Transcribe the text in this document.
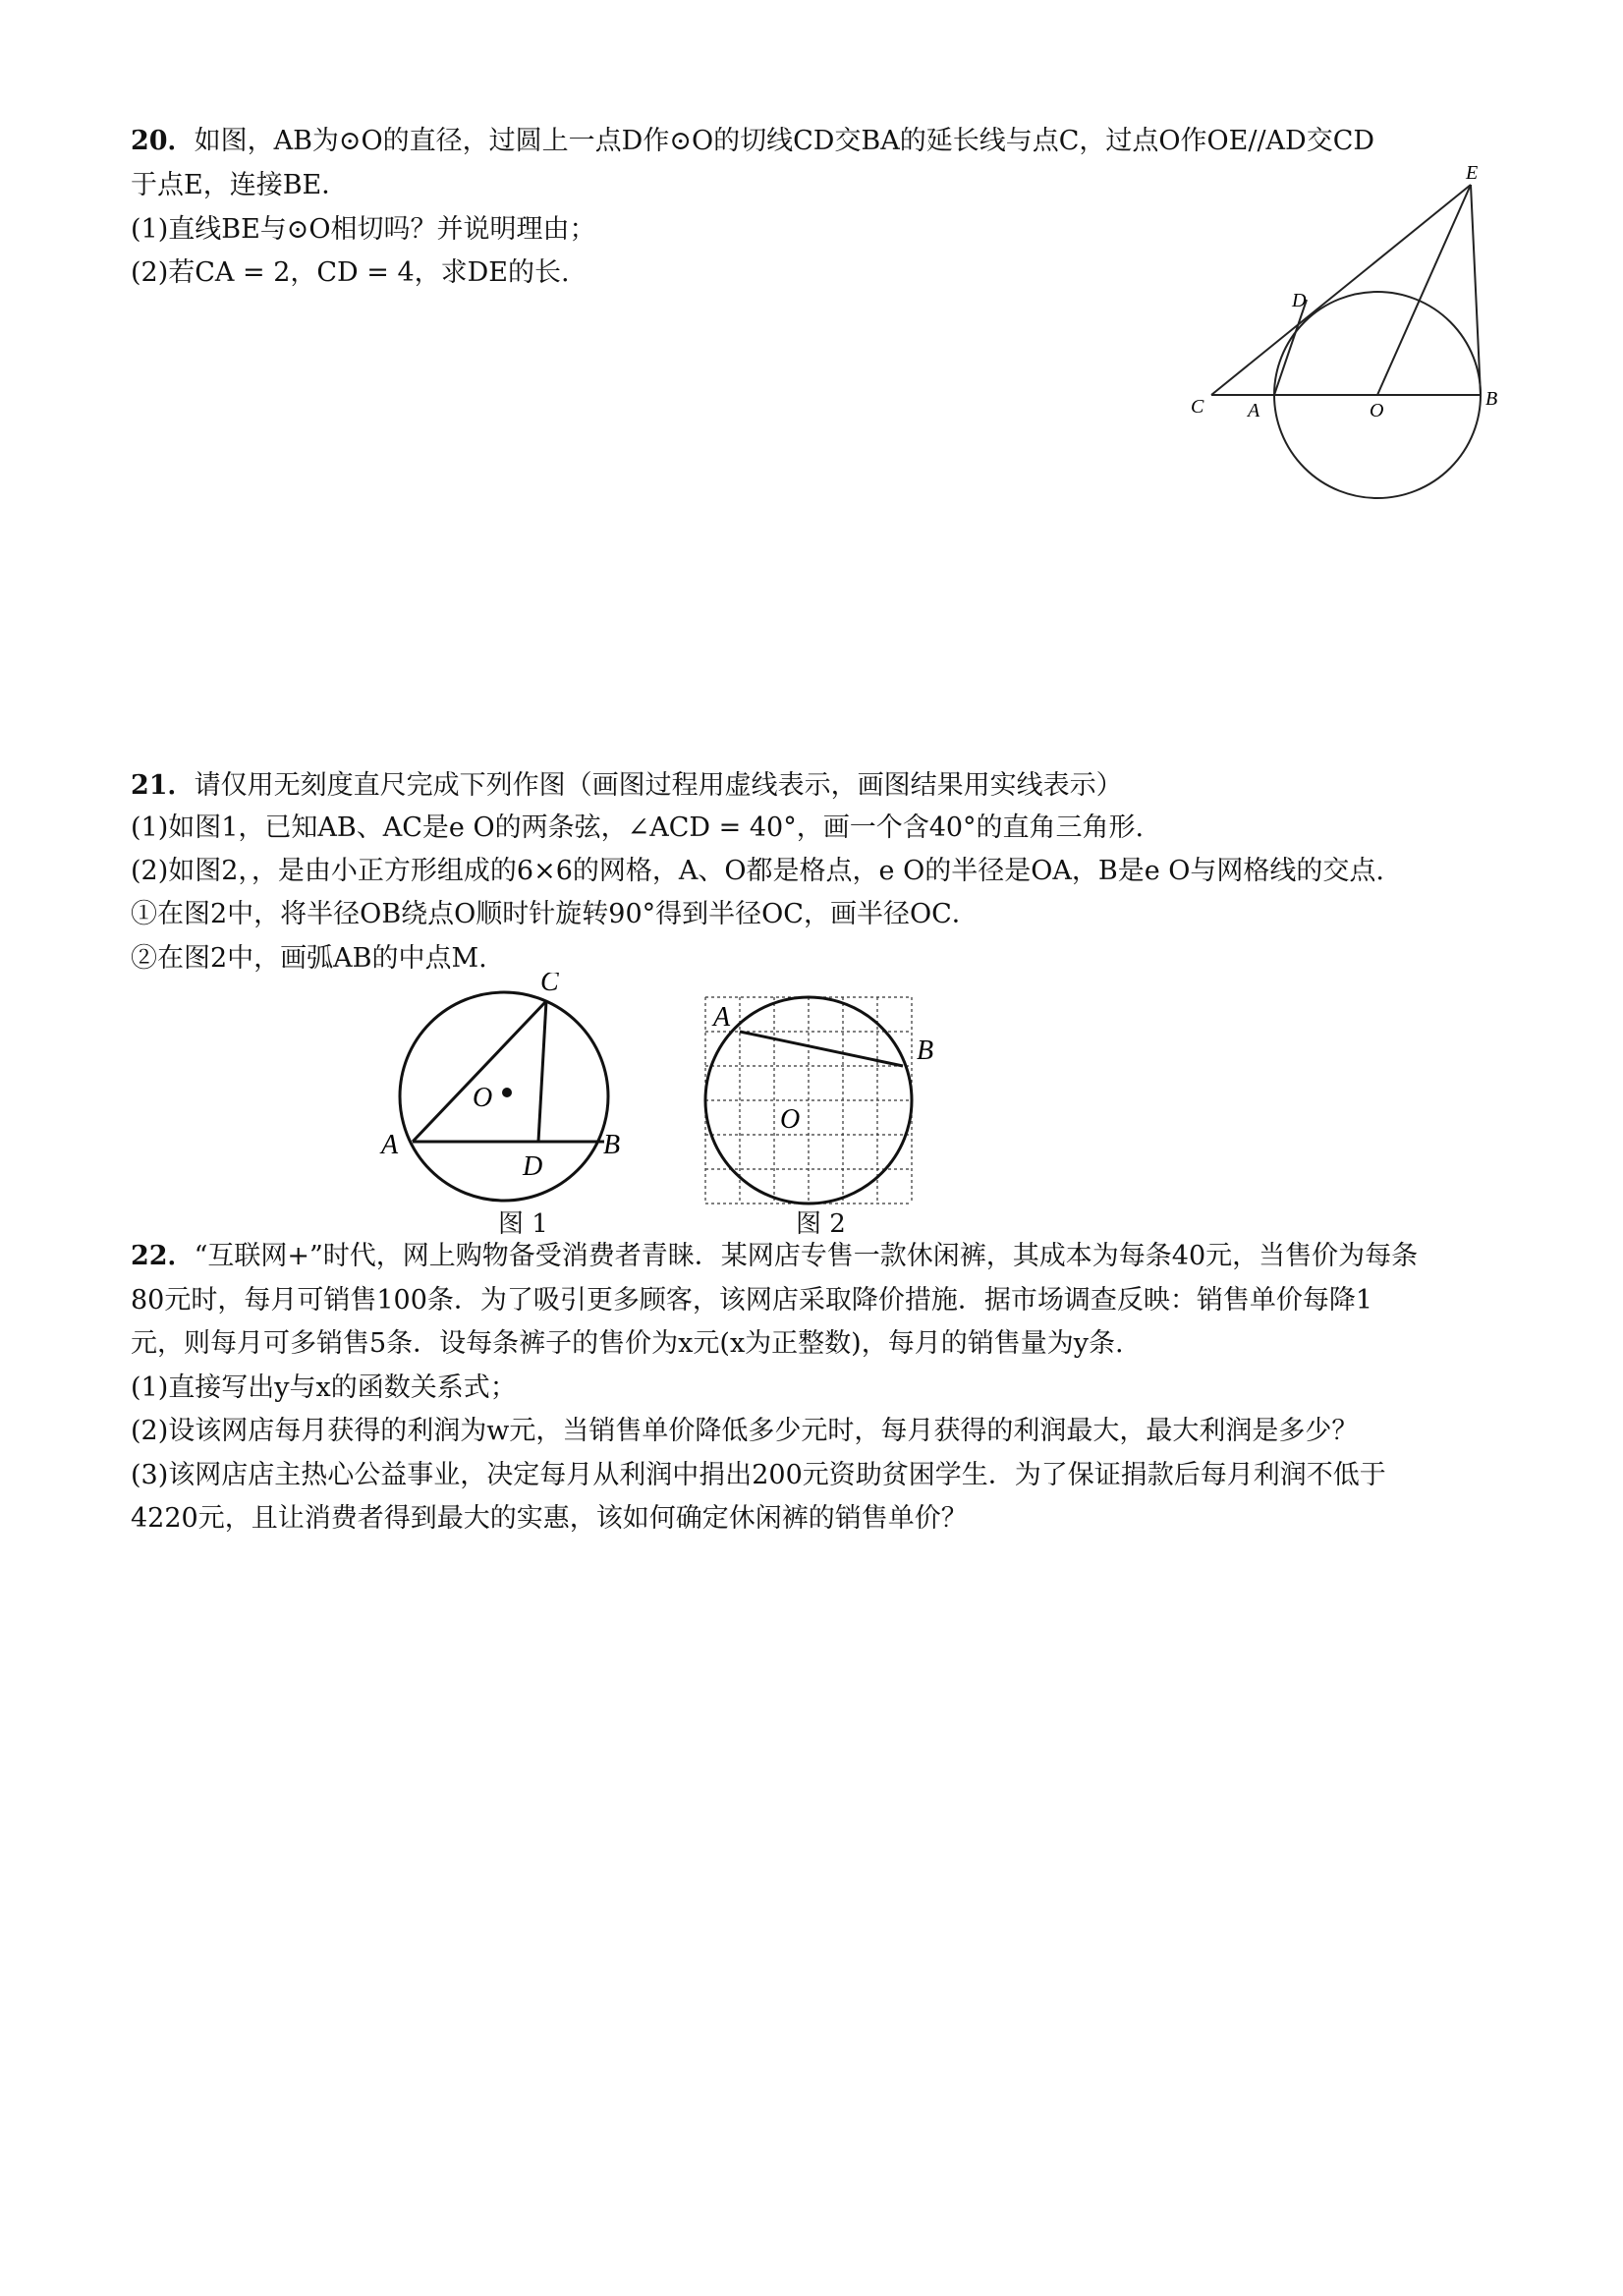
20．如图，AB为⊙O的直径，过圆上一点D作⊙O的切线CD交BA的延长线与点C，过点O作OE//AD交CD
于点E，连接BE．
(1)直线BE与⊙O相切吗？并说明理由；
(2)若CA = 2，CD = 4，求DE的长.
E
D
C A	O
B
21．请仅用无刻度直尺完成下列作图（画图过程用虚线表示，画图结果用实线表示）
(1)如图1，已知AB、AC是e O的两条弦，∠ACD = 40°，画一个含40°的直角三角形.
(2)如图2，，是由小正方形组成的6×6的网格，A、O都是格点，e O的半径是OA，B是e O与网格线的交点.
①在图2中，将半径OB绕点O顺时针旋转90°得到半径OC，画半径OC．
②在图2中，画弧AB的中点M.
C
O
A
D
B
图 1
A
B
O
图 2
22．“互联网+”时代，网上购物备受消费者青睐．某网店专售一款休闲裤，其成本为每条40元，当售价为每条
80元时，每月可销售100条．为了吸引更多顾客，该网店采取降价措施．据市场调查反映：销售单价每降1
元，则每月可多销售5条．设每条裤子的售价为x元(x为正整数)，每月的销售量为y条.
(1)直接写出y与x的函数关系式；
(2)设该网店每月获得的利润为w元，当销售单价降低多少元时，每月获得的利润最大，最大利润是多少？
(3)该网店店主热心公益事业，决定每月从利润中捐出200元资助贫困学生．为了保证捐款后每月利润不低于
4220元，且让消费者得到最大的实惠，该如何确定休闲裤的销售单价？
